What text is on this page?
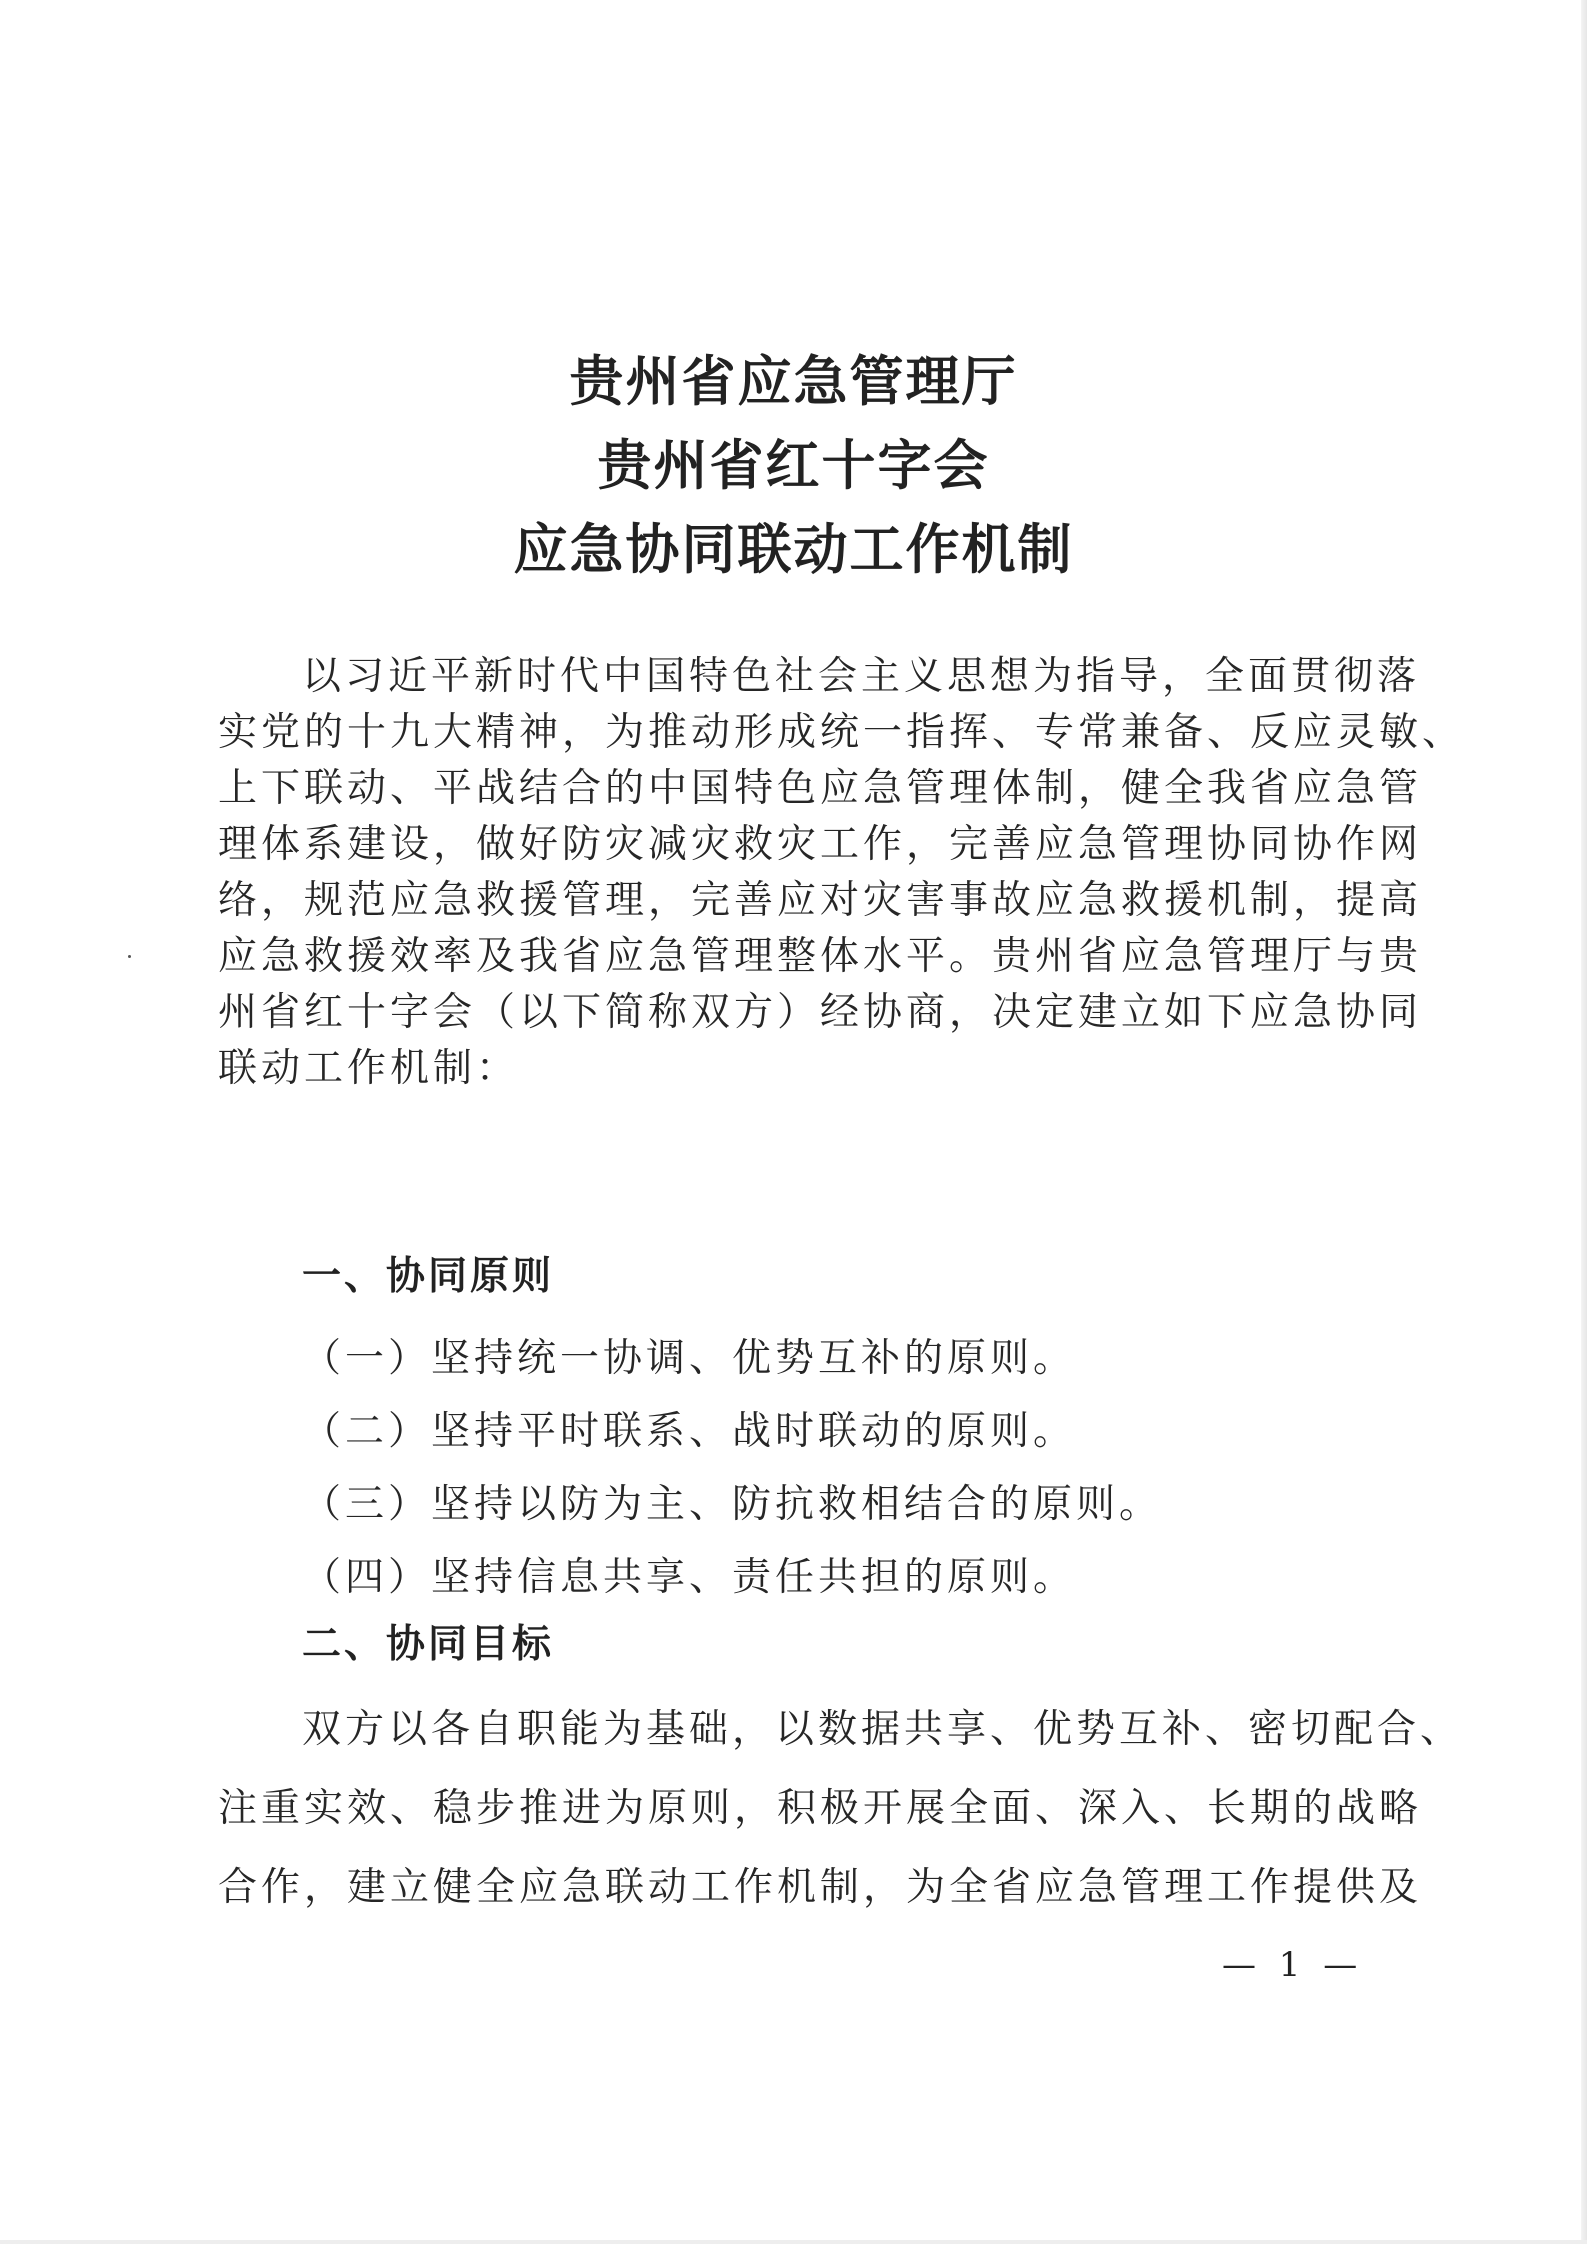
贵州省应急管理厅
贵州省红十字会
应急协同联动工作机制
以习近平新时代中国特色社会主义思想为指导，全面贯彻落
实党的十九大精神，为推动形成统一指挥、专常兼备、反应灵敏、
上下联动、平战结合的中国特色应急管理体制，健全我省应急管
理体系建设，做好防灾减灾救灾工作，完善应急管理协同协作网
络，规范应急救援管理，完善应对灾害事故应急救援机制，提高
应急救援效率及我省应急管理整体水平。贵州省应急管理厅与贵
州省红十字会（以下简称双方）经协商，决定建立如下应急协同
联动工作机制：
一、协同原则
（一）坚持统一协调、优势互补的原则。
（二）坚持平时联系、战时联动的原则。
（三）坚持以防为主、防抗救相结合的原则。
（四）坚持信息共享、责任共担的原则。
二、协同目标
双方以各自职能为基础，以数据共享、优势互补、密切配合、
注重实效、稳步推进为原则，积极开展全面、深入、长期的战略
合作，建立健全应急联动工作机制，为全省应急管理工作提供及
— 1 —
